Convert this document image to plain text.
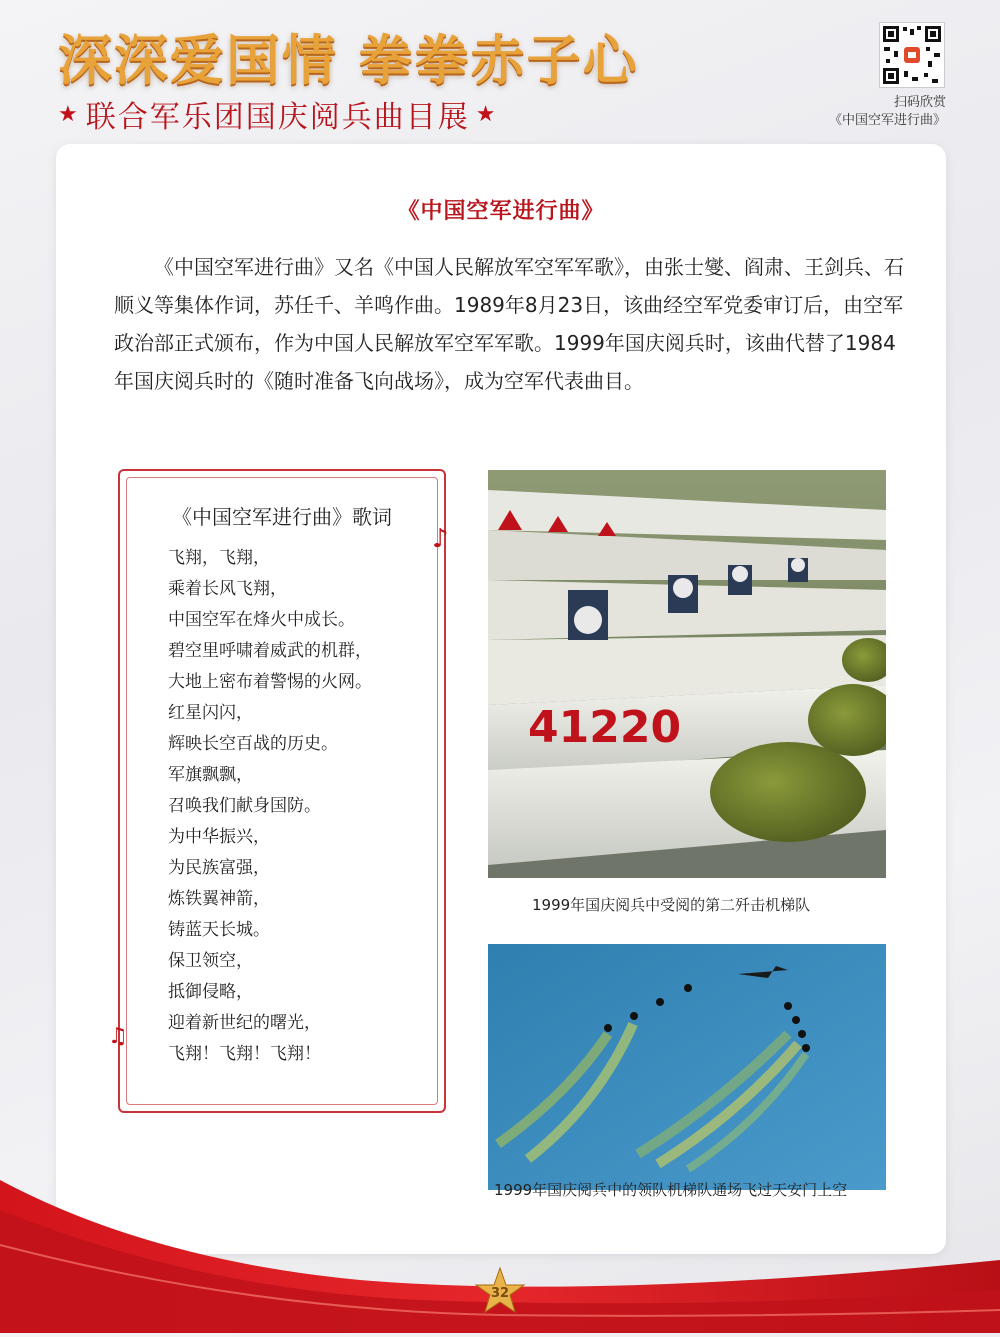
深深爱国情 拳拳赤子心
★ 联合军乐团国庆阅兵曲目展 ★	扫码欣赏
《中国空军进行曲》
《中国空军进行曲》

《中国空军进行曲》又名《中国人民解放军空军军歌》，由张士燮、阎肃、王剑兵、石顺义等集体作词，苏任千、羊鸣作曲。1989年8月23日，该曲经空军党委审订后，由空军政治部正式颁布，作为中国人民解放军空军军歌。1999年国庆阅兵时，该曲代替了1984年国庆阅兵时的《随时准备飞向战场》，成为空军代表曲目。

《中国空军进行曲》歌词
飞翔，飞翔，
乘着长风飞翔，
中国空军在烽火中成长。
碧空里呼啸着威武的机群，
大地上密布着警惕的火网。
红星闪闪，
辉映长空百战的历史。
军旗飘飘，
召唤我们献身国防。
为中华振兴，
为民族富强，
炼铁翼神箭，
铸蓝天长城。
保卫领空，
抵御侵略，
迎着新世纪的曙光，
飞翔！飞翔！飞翔！
♪
♫
41220
1999年国庆阅兵中受阅的第二歼击机梯队
1999年国庆阅兵中的领队机梯队通场飞过天安门上空
32
